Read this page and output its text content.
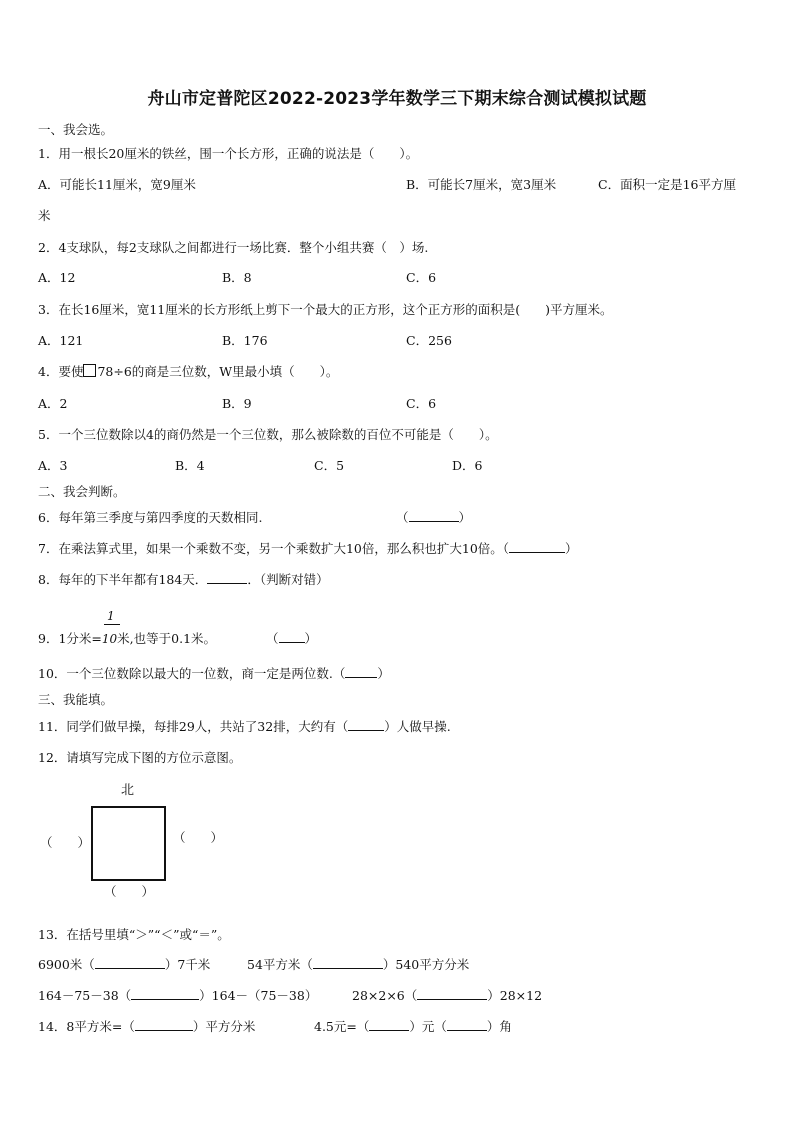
舟山市定普陀区2022-2023学年数学三下期末综合测试模拟试题
一、我会选。
1．用一根长20厘米的铁丝，围一个长方形，正确的说法是（　　）。
A．可能长11厘米，宽9厘米	B．可能长7厘米，宽3厘米	C．面积一定是16平方厘
米
2．4支球队，每2支球队之间都进行一场比赛．整个小组共赛（　）场.
A．12	B．8	C．6
3．在长16厘米，宽11厘米的长方形纸上剪下一个最大的正方形，这个正方形的面积是(　　)平方厘米。
A．121	B．176	C．256
4．要使 78÷6的商是三位数，W里最小填（　　）。
A．2	B．9	C．6
5．一个三位数除以4的商仍然是一个三位数，那么被除数的百位不可能是（　　）。
A．3	B．4	C．5	D．6
二、我会判断。
6．每年第三季度与第四季度的天数相同.	（	）
7．在乘法算式里，如果一个乘数不变，另一个乘数扩大10倍，那么积也扩大10倍。（	）
8．每年的下半年都有184天．	．（判断对错）
1
9．1分米=10米,也等于0.1米。	（ ）
10．一个三位数除以最大的一位数，商一定是两位数.（	）
三、我能填。
11．同学们做早操，每排29人，共站了32排，大约有（	）人做早操.
12．请填写完成下图的方位示意图。
北
（　　）	（　　）
（　　）
13．在括号里填“＞”“＜”或“＝”。
6900米（	）7千米	54平方米（	）540平方分米
164－75－38（	）164－（75－38）	28×2×6（	）28×12
14．8平方米=（	）平方分米	4.5元=（	）元（	）角
